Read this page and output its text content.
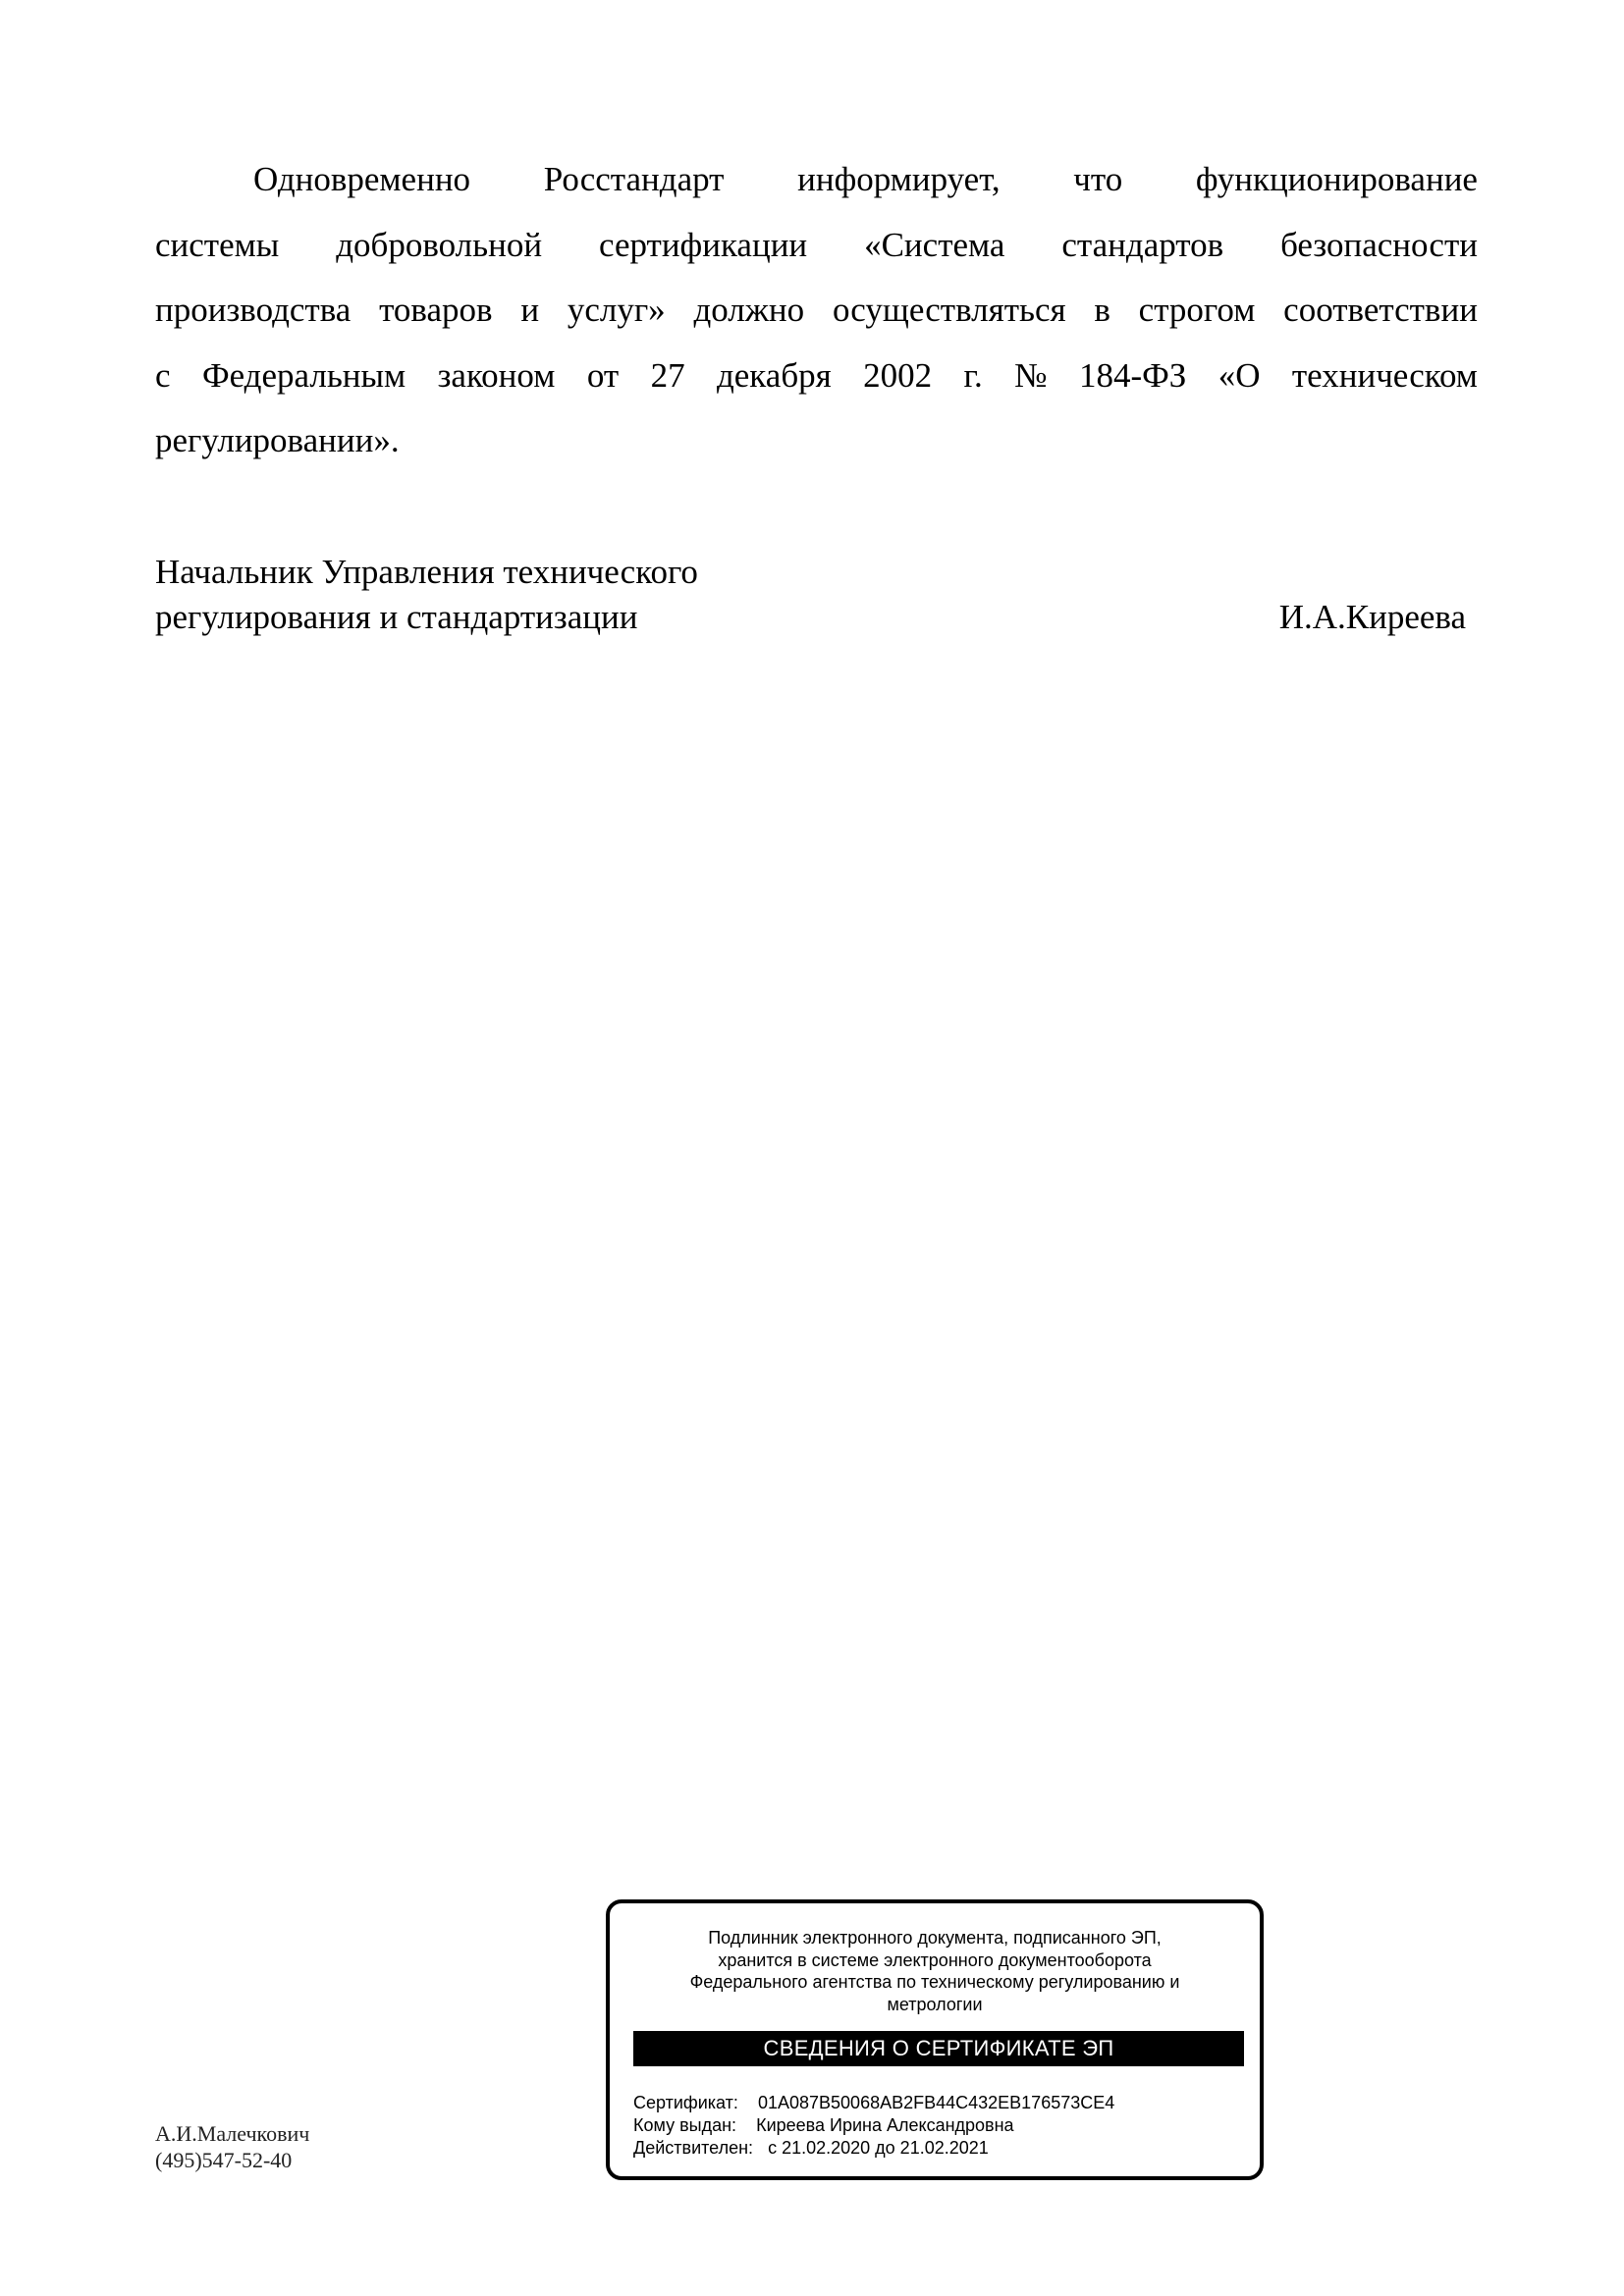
Одновременно Росстандарт информирует, что функционирование
системы добровольной сертификации «Система стандартов безопасности
производства товаров и услуг» должно осуществляться в строгом соответствии
с Федеральным законом от 27 декабря 2002 г. № 184-ФЗ «О техническом
регулировании».
Начальник Управления технического
регулирования и стандартизации	И.А.Киреева
Подлинник электронного документа, подписанного ЭП,
хранится в системе электронного документооборота
Федерального агентства по техническому регулированию и
метрологии
СВЕДЕНИЯ О СЕРТИФИКАТЕ ЭП
Сертификат: 01A087B50068AB2FB44C432EB176573CE4
Кому выдан: Киреева Ирина Александровна
Действителен: с 21.02.2020 до 21.02.2021
А.И.Малечкович
(495)547-52-40
